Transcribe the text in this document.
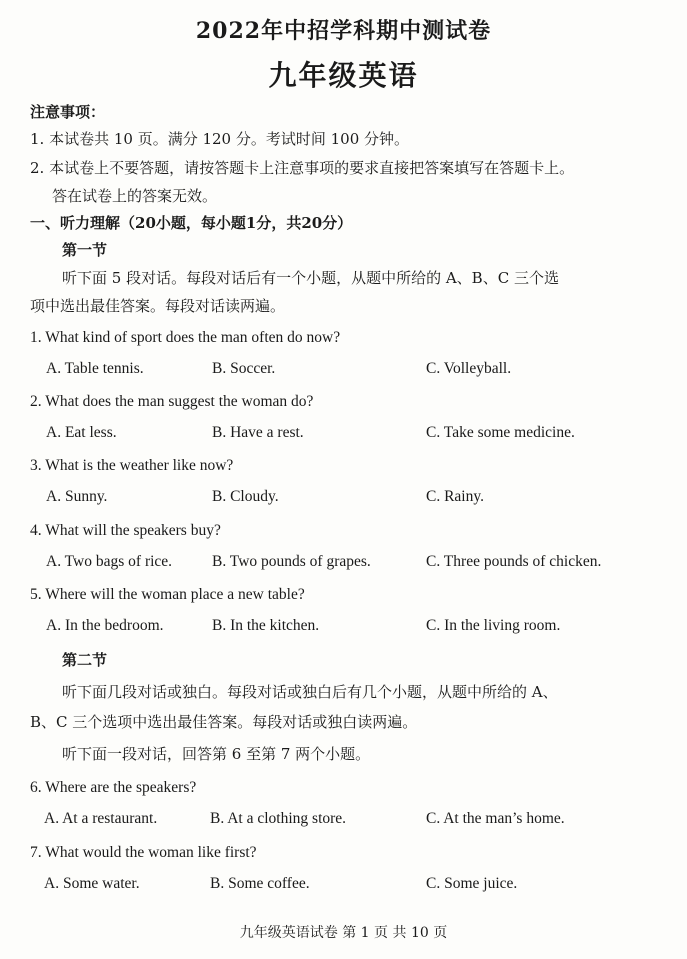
2022年中招学科期中测试卷
九年级英语
注意事项：
1. 本试卷共 10 页。满分 120 分。考试时间 100 分钟。
2. 本试卷上不要答题，请按答题卡上注意事项的要求直接把答案填写在答题卡上。
答在试卷上的答案无效。
一、听力理解（20小题，每小题1分，共20分）
第一节
听下面 5 段对话。每段对话后有一个小题，从题中所给的 A、B、C 三个选
项中选出最佳答案。每段对话读两遍。
1. What kind of sport does the man often do now?
A. Table tennis.	B. Soccer.	C. Volleyball.
2. What does the man suggest the woman do?
A. Eat less.	B. Have a rest.	C. Take some medicine.
3. What is the weather like now?
A. Sunny.	B. Cloudy.	C. Rainy.
4. What will the speakers buy?
A. Two bags of rice.	B. Two pounds of grapes.	C. Three pounds of chicken.
5. Where will the woman place a new table?
A. In the bedroom.	B. In the kitchen.	C. In the living room.
第二节
听下面几段对话或独白。每段对话或独白后有几个小题，从题中所给的 A、
B、C 三个选项中选出最佳答案。每段对话或独白读两遍。
听下面一段对话，回答第 6 至第 7 两个小题。
6. Where are the speakers?
A. At a restaurant.	B. At a clothing store.	C. At the man’s home.
7. What would the woman like first?
A. Some water.	B. Some coffee.	C. Some juice.
九年级英语试卷 第 1 页 共 10 页
